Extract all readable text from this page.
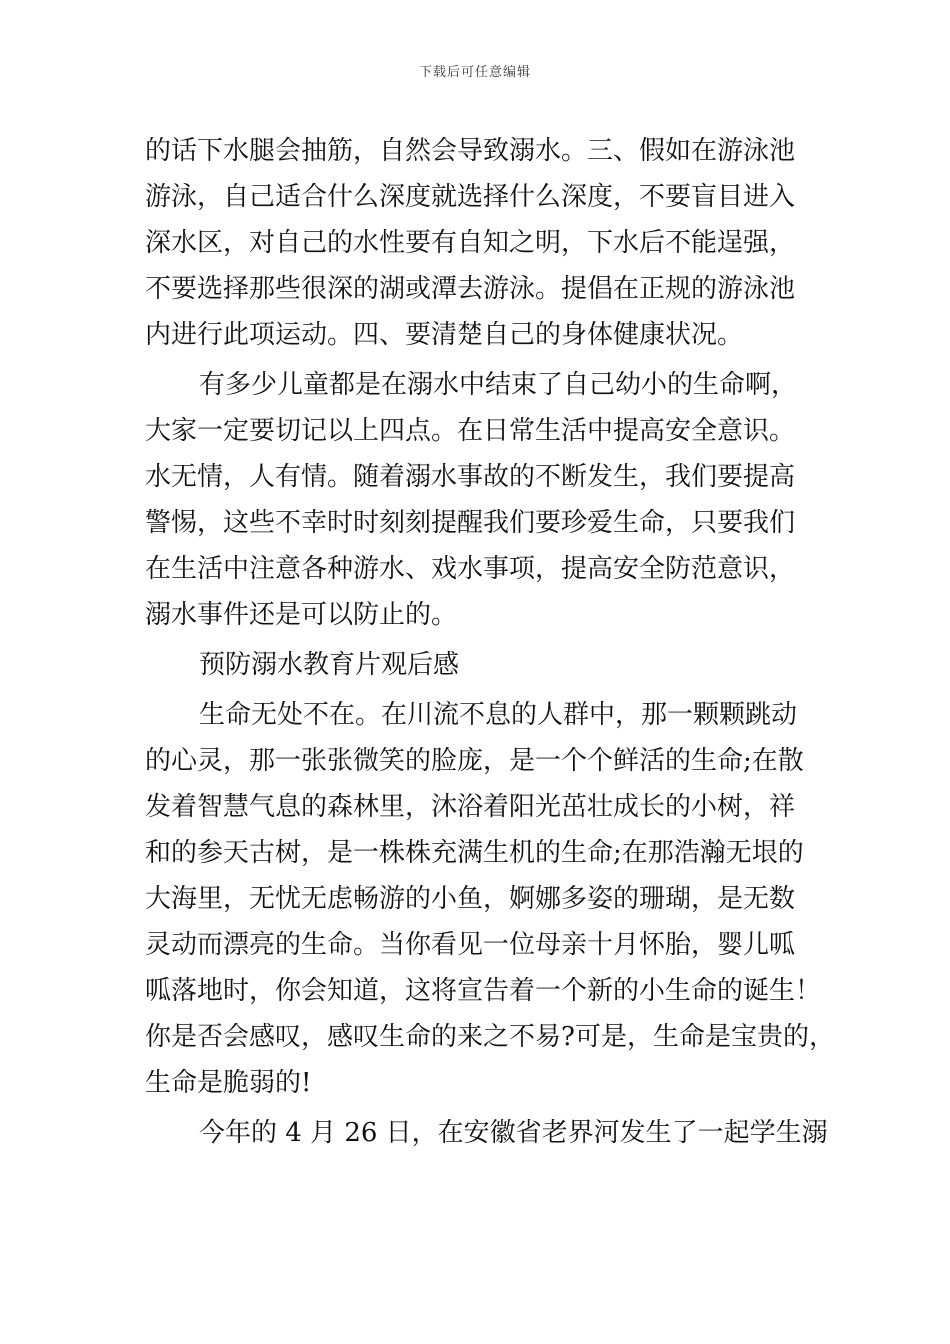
下载后可任意编辑
的话下水腿会抽筋，自然会导致溺水。三、假如在游泳池
游泳，自己适合什么深度就选择什么深度，不要盲目进入
深水区，对自己的水性要有自知之明，下水后不能逞强，
不要选择那些很深的湖或潭去游泳。提倡在正规的游泳池
内进行此项运动。四、要清楚自己的身体健康状况。
有多少儿童都是在溺水中结束了自己幼小的生命啊，
大家一定要切记以上四点。在日常生活中提高安全意识。
水无情，人有情。随着溺水事故的不断发生，我们要提高
警惕，这些不幸时时刻刻提醒我们要珍爱生命，只要我们
在生活中注意各种游水、戏水事项，提高安全防范意识，
溺水事件还是可以防止的。
预防溺水教育片观后感
生命无处不在。在川流不息的人群中，那一颗颗跳动
的心灵，那一张张微笑的脸庞，是一个个鲜活的生命;在散
发着智慧气息的森林里，沐浴着阳光茁壮成长的小树，祥
和的参天古树，是一株株充满生机的生命;在那浩瀚无垠的
大海里，无忧无虑畅游的小鱼，婀娜多姿的珊瑚，是无数
灵动而漂亮的生命。当你看见一位母亲十月怀胎，婴儿呱
呱落地时，你会知道，这将宣告着一个新的小生命的诞生！
你是否会感叹，感叹生命的来之不易?可是，生命是宝贵的，
生命是脆弱的!
今年的 4 月 26 日，在安徽省老界河发生了一起学生溺
